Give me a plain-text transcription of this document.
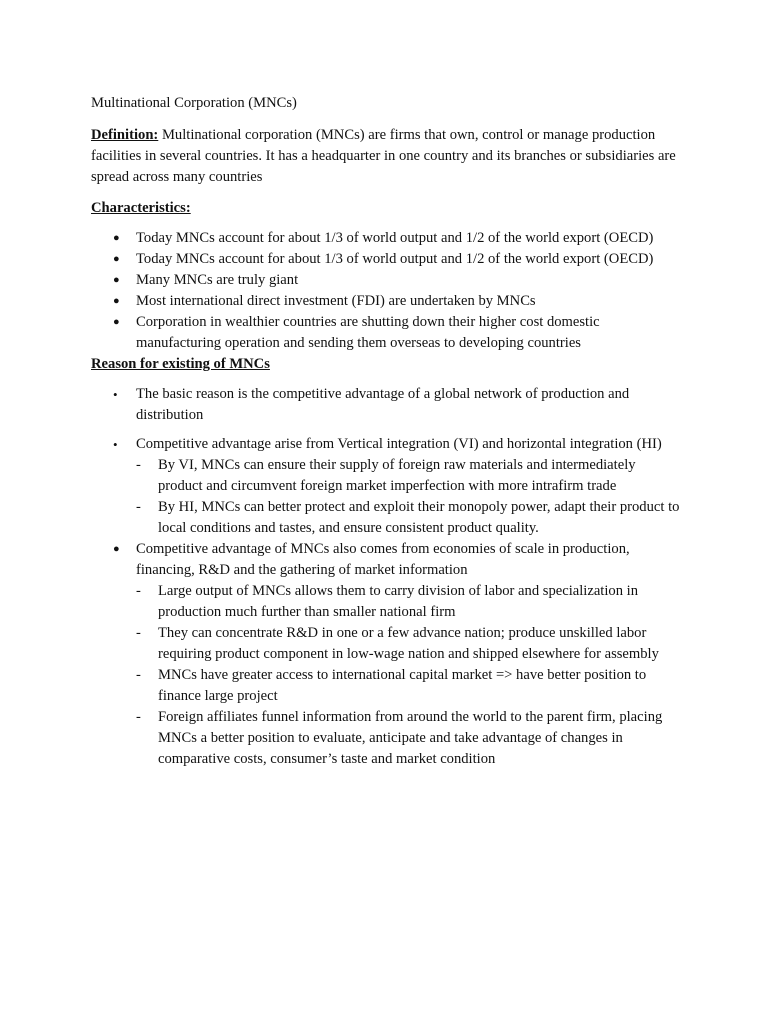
Multinational Corporation (MNCs)

Definition: Multinational corporation (MNCs) are firms that own, control or manage production facilities in several countries. It has a headquarter in one country and its branches or subsidiaries are spread across many countries

Characteristics:

● Today MNCs account for about 1/3 of world output and 1/2 of the world export (OECD)
● Today MNCs account for about 1/3 of world output and 1/2 of the world export (OECD)
● Many MNCs are truly giant
● Most international direct investment (FDI) are undertaken by MNCs
● Corporation in wealthier countries are shutting down their higher cost domestic manufacturing operation and sending them overseas to developing countries

Reason for existing of MNCs

• The basic reason is the competitive advantage of a global network of production and distribution
• Competitive advantage arise from Vertical integration (VI) and horizontal integration (HI)
- By VI, MNCs can ensure their supply of foreign raw materials and intermediately product and circumvent foreign market imperfection with more intrafirm trade
- By HI, MNCs can better protect and exploit their monopoly power, adapt their product to local conditions and tastes, and ensure consistent product quality.
● Competitive advantage of MNCs also comes from economies of scale in production, financing, R&D and the gathering of market information
- Large output of MNCs allows them to carry division of labor and specialization in production much further than smaller national firm
- They can concentrate R&D in one or a few advance nation; produce unskilled labor requiring product component in low-wage nation and shipped elsewhere for assembly
- MNCs have greater access to international capital market => have better position to finance large project
- Foreign affiliates funnel information from around the world to the parent firm, placing MNCs a better position to evaluate, anticipate and take advantage of changes in comparative costs, consumer’s taste and market condition
